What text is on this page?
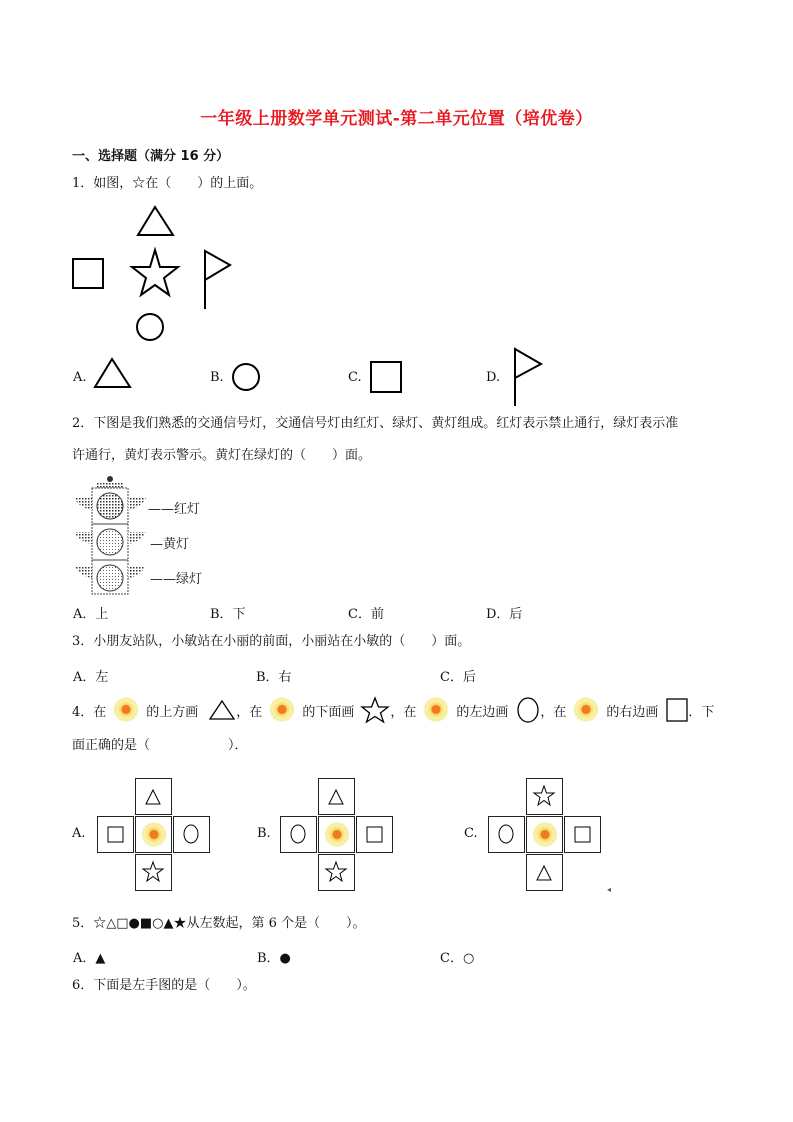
一年级上册数学单元测试-第二单元位置（培优卷）
一、选择题（满分 16 分）
1．如图，☆在（　　）的上面。
A.	B.	C.	D.
2．下图是我们熟悉的交通信号灯，交通信号灯由红灯、绿灯、黄灯组成。红灯表示禁止通行，绿灯表示准
许通行，黄灯表示警示。黄灯在绿灯的（　　）面。
——红灯
—黄灯
——绿灯
A．上	B．下	C．前	D．后
3．小朋友站队，小敏站在小丽的前面，小丽站在小敏的（　　）面。
A．左	B．右	C．后
4．在	的上方画	，在	的下面画	，在	的左边画 ，在	的右边画 ．下
面正确的是（　　　　　　）．
A.	B.	C.
◂
5．☆△□●■○▲★从左数起，第 6 个是（　　）。
A．▲	B．●	C．○
6．下面是左手图的是（　　）。
